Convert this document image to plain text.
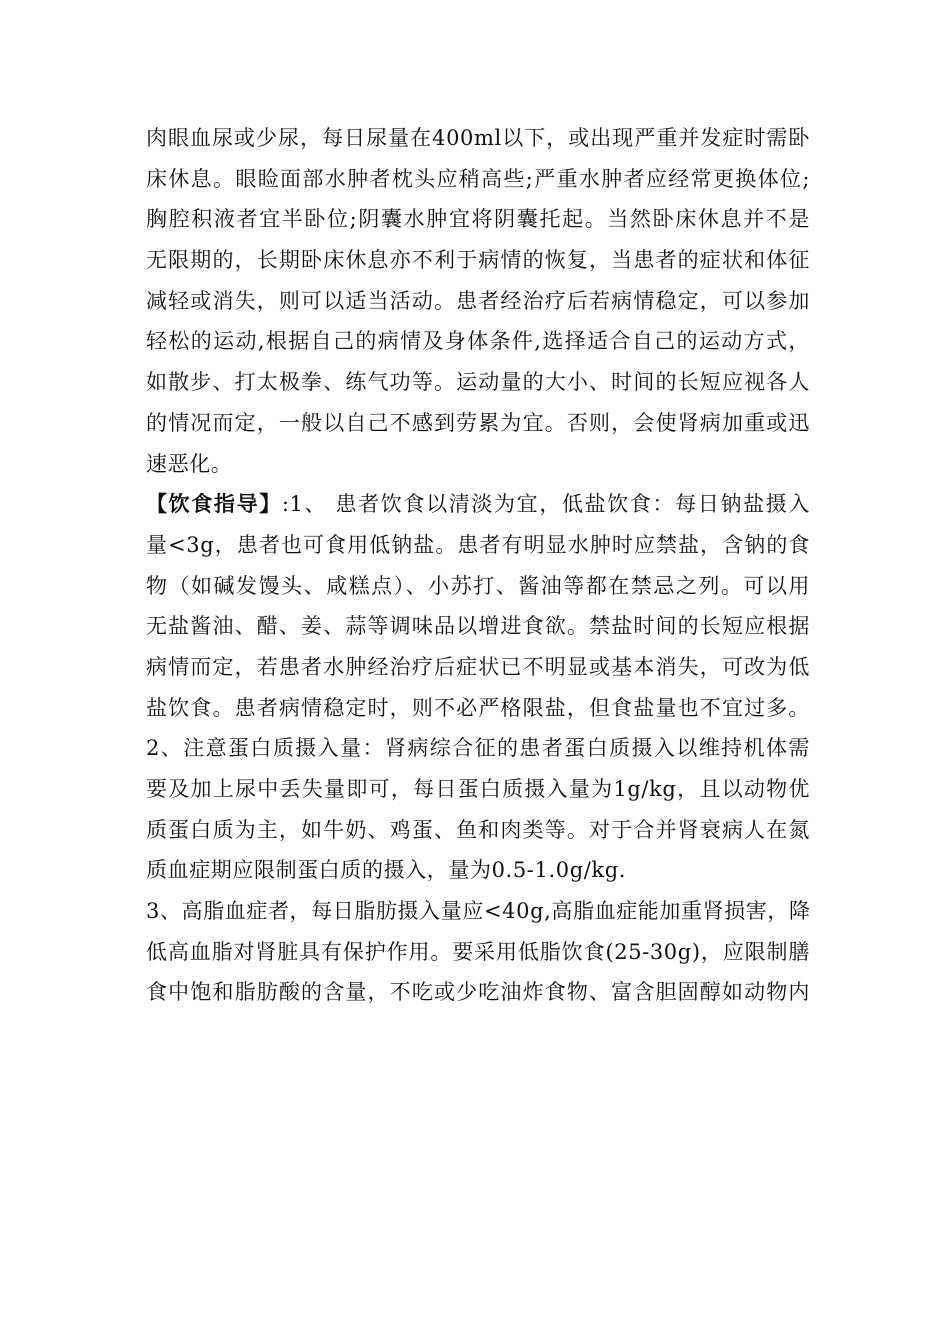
肉眼血尿或少尿，每日尿量在400ml以下，或出现严重并发症时需卧
床休息。眼睑面部水肿者枕头应稍高些;严重水肿者应经常更换体位;
胸腔积液者宜半卧位;阴囊水肿宜将阴囊托起。当然卧床休息并不是
无限期的，长期卧床休息亦不利于病情的恢复，当患者的症状和体征
减轻或消失，则可以适当活动。患者经治疗后若病情稳定，可以参加
轻松的运动,根据自己的病情及身体条件,选择适合自己的运动方式，
如散步、打太极拳、练气功等。运动量的大小、时间的长短应视各人
的情况而定，一般以自己不感到劳累为宜。否则，会使肾病加重或迅
速恶化。
【饮食指导】:1、 患者饮食以清淡为宜，低盐饮食：每日钠盐摄入
量<3g，患者也可食用低钠盐。患者有明显水肿时应禁盐，含钠的食
物（如碱发馒头、咸糕点）、小苏打、酱油等都在禁忌之列。可以用
无盐酱油、醋、姜、蒜等调味品以增进食欲。禁盐时间的长短应根据
病情而定，若患者水肿经治疗后症状已不明显或基本消失，可改为低
盐饮食。患者病情稳定时，则不必严格限盐，但食盐量也不宜过多。
2、注意蛋白质摄入量：肾病综合征的患者蛋白质摄入以维持机体需
要及加上尿中丢失量即可，每日蛋白质摄入量为1g/kg，且以动物优
质蛋白质为主，如牛奶、鸡蛋、鱼和肉类等。对于合并肾衰病人在氮
质血症期应限制蛋白质的摄入，量为0.5-1.0g/kg.
3、高脂血症者，每日脂肪摄入量应<40g,高脂血症能加重肾损害，降
低高血脂对肾脏具有保护作用。要采用低脂饮食(25-30g)，应限制膳
食中饱和脂肪酸的含量，不吃或少吃油炸食物、富含胆固醇如动物内
